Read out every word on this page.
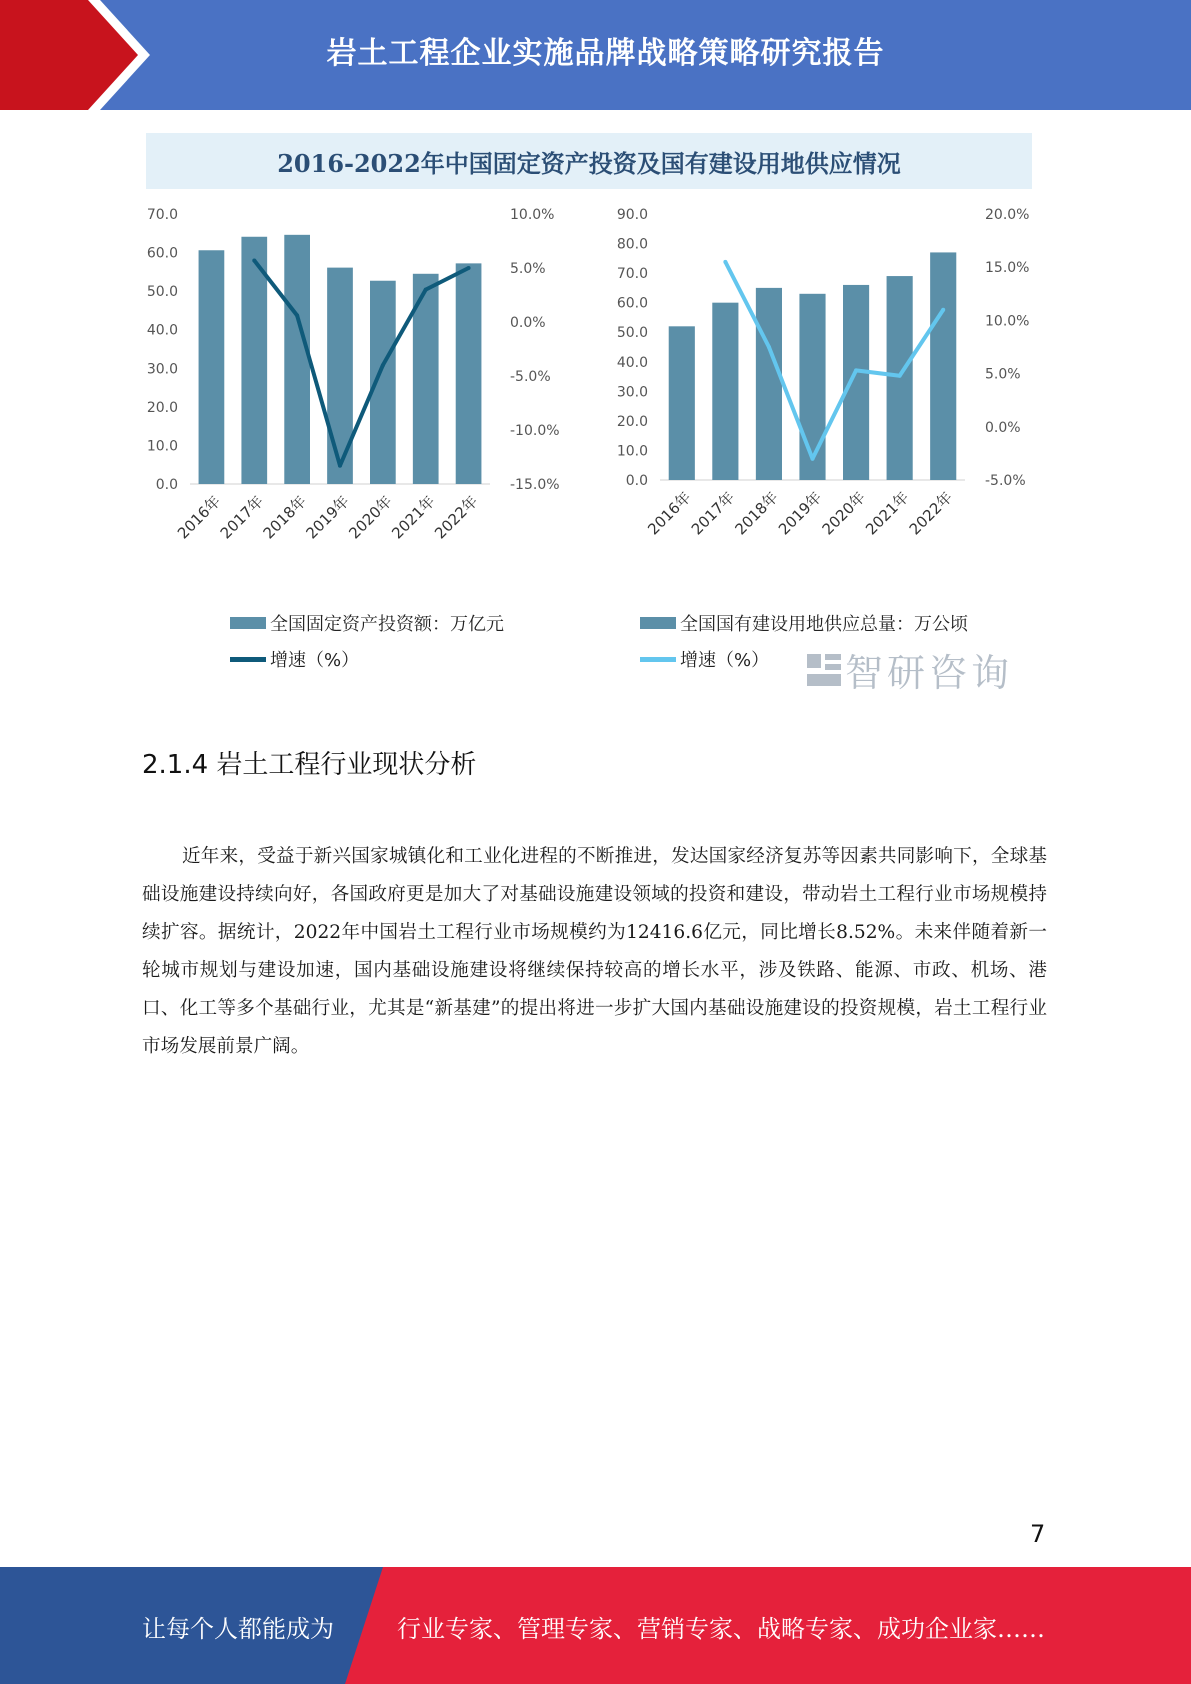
岩土工程企业实施品牌战略策略研究报告
2016-2022年中国固定资产投资及国有建设用地供应情况
0.0
10.0
20.0
30.0
40.0
50.0
60.0
70.0
-15.0%
-10.0%
-5.0%
0.0%
5.0%
10.0%
2016年
2017年
2018年
2019年
2020年
2021年
2022年
0.0
10.0
20.0
30.0
40.0
50.0
60.0
70.0
80.0
90.0
-5.0%
0.0%
5.0%
10.0%
15.0%
20.0%
2016年
2017年
2018年
2019年
2020年
2021年
2022年
全国固定资产投资额：万亿元
增速（%）
全国国有建设用地供应总量：万公顷
增速（%） 智研咨询
2.1.4 岩土工程行业现状分析

近年来，受益于新兴国家城镇化和工业化进程的不断推进，发达国家经济复苏等因素共同影响下，全球基础设施建设持续向好，各国政府更是加大了对基础设施建设领域的投资和建设，带动岩土工程行业市场规模持续扩容。据统计，2022年中国岩土工程行业市场规模约为12416.6亿元，同比增长8.52%。未来伴随着新一轮城市规划与建设加速，国内基础设施建设将继续保持较高的增长水平，涉及铁路、能源、市政、机场、港口、化工等多个基础行业，尤其是“新基建”的提出将进一步扩大国内基础设施建设的投资规模，岩土工程行业市场发展前景广阔。

7
让每个人都能成为	行业专家、管理专家、营销专家、战略专家、成功企业家……
